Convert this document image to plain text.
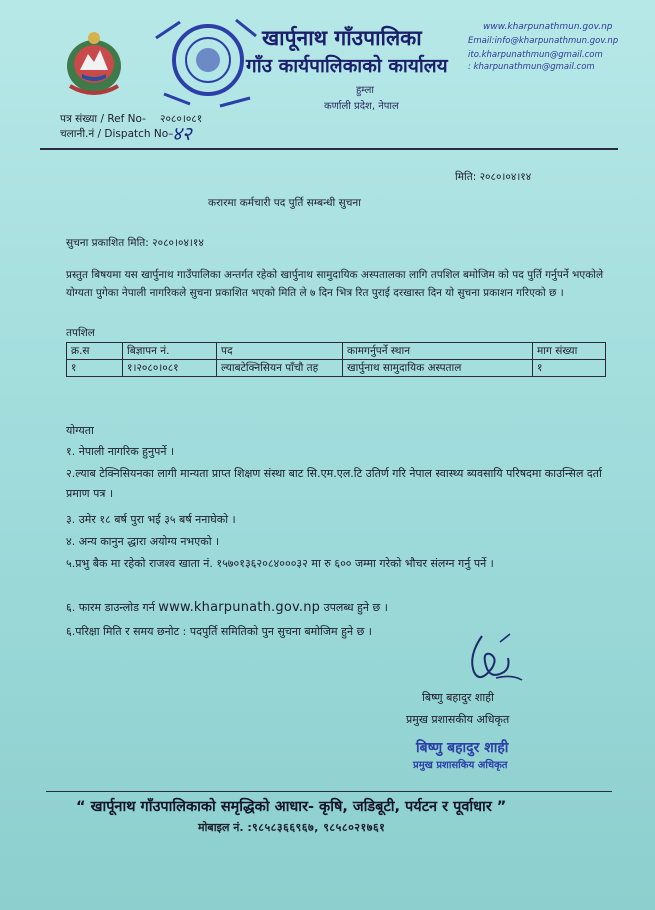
खार्पूनाथ गाँउपालिका
गाँउ कार्यपालिकाको कार्यालय
हुम्ला
कर्णाली प्रदेश, नेपाल
www.kharpunathmun.gov.np
Email:info@kharpunathmun.gov.np
ito.kharpunathmun@gmail.com
: kharpunathmun@gmail.com
पत्र संख्या / Ref No- २०८०।०८१
चलानी.नं / Dispatch No–
४२
मिति: २०८०।०४।१४
करारमा कर्मचारी पद पुर्ति सम्बन्धी सुचना
सुचना प्रकाशित मिति: २०८०।०४।१४
प्रस्तुत बिषयमा यस खार्पुनाथ गाउँपालिका अन्तर्गत रहेको खार्पुनाथ सामुदायिक अस्पतालका लागि तपशिल बमोजिम को पद पुर्ति गर्नुपर्ने भएकोले योग्यता पुगेका नेपाली नागरिकले सुचना प्रकाशित भएको मिति ले ७ दिन भित्र रित पुराई दरखास्त दिन यो सुचना प्रकाशन गरिएको छ ।
तपशिल
क्र.स	बिज्ञापन नं.	पद	कामगर्नुपर्ने स्थान	माग संख्या
१	१।२०८०।०८१	ल्याबटेक्निसियन पाँचौ तह	खार्पुनाथ सामुदायिक अस्पताल	१
योग्यता
१. नेपाली नागरिक हुनुपर्ने ।
२.ल्याब टेक्निसियनका लागी मान्यता प्राप्त शिक्षण संस्था बाट सि.एम.एल.टि उतिर्ण गरि नेपाल स्वास्थ्य ब्यवसायि परिषदमा काउन्सिल दर्ता प्रमाण पत्र ।
३. उमेर १८ बर्ष पुरा भई ३५ बर्ष ननाघेको ।
४. अन्य कानुन द्धारा अयोग्य नभएको ।
५.प्रभु बैक मा रहेको राजश्व खाता नं. १५७०१३६२०८४०००३२ मा रु ६०० जम्मा गरेको भौचर संलग्न गर्नु पर्ने ।
६. फारम डाउन्लोड गर्न www.kharpunath.gov.np उपलब्ध हुने छ ।
६.परिक्षा मिति र समय छनोट : पदपुर्ति समितिको पुन सुचना बमोजिम हुने छ ।
बिष्णु बहादुर शाही
प्रमुख प्रशासकीय अधिकृत
बिष्णु बहादुर शाही
प्रमुख प्रशासकिय अधिकृत
“ खार्पूनाथ गाँउपालिकाको समृद्धिको आधार- कृषि, जडिबूटी, पर्यटन र पूर्वाधार ”
मोबाइल नं. : ९८५८३६६९६७, ९८५८०२१७६१
